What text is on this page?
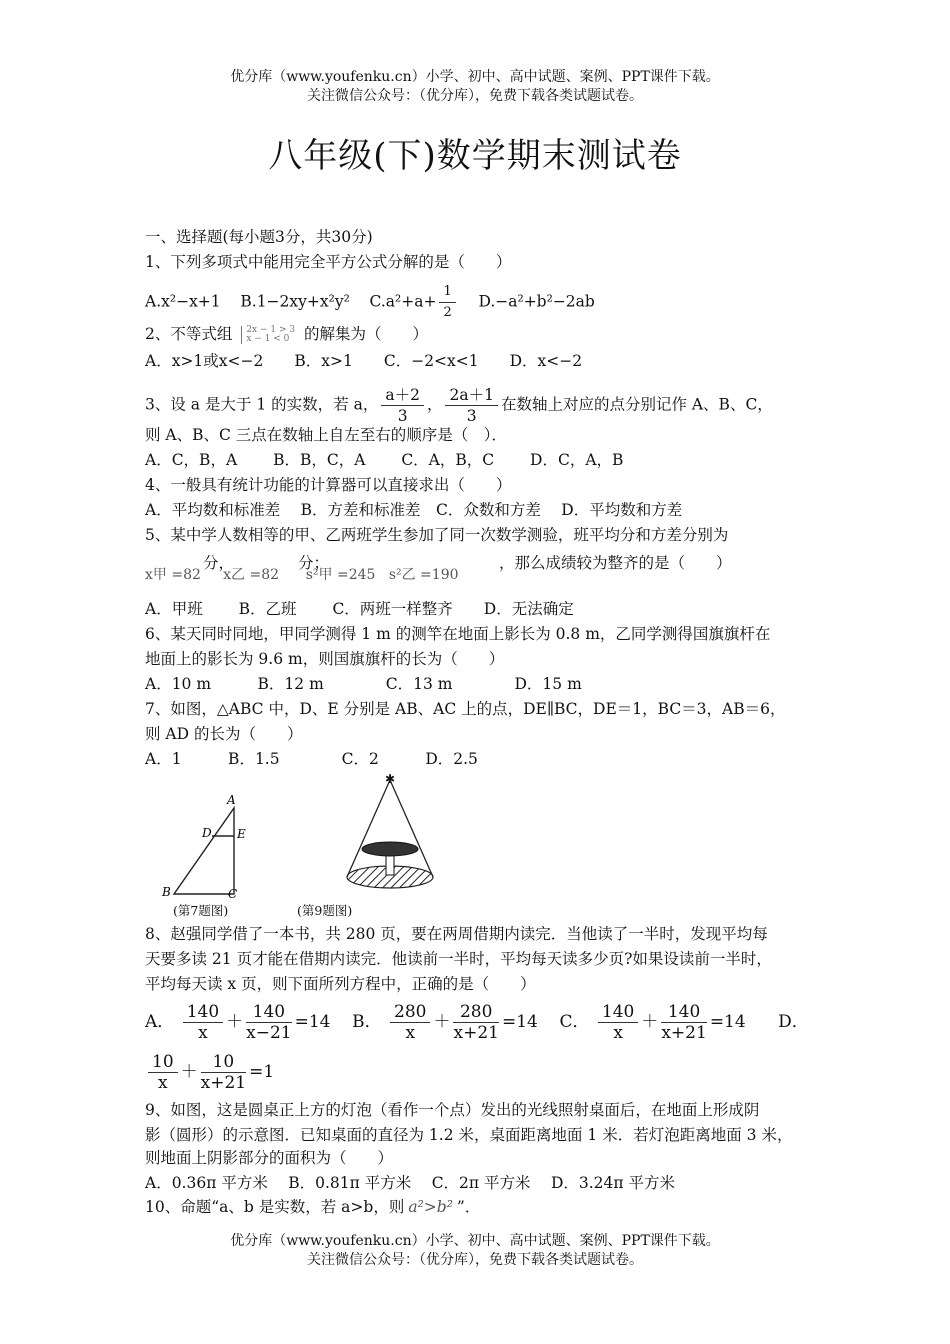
优分库（www.youfenku.cn）小学、初中、高中试题、案例、PPT课件下载。
关注微信公众号：（优分库），免费下载各类试题试卷。
八年级(下)数学期末测试卷
一、选择题(每小题3分，共30分)
1、下列多项式中能用完全平方公式分解的是（　　）
A.x²−x+1 B.1−2xy+x²y² $C.a^2+a+ \frac{1}{2} D.-a^2+b^2-2ab$
2、不等式组 2x − 1 > 3
x − 1 < 0 的解集为（　　）
A．x>1或x<−2　　B．x>1　　C．−2<x<1　　D．x<−2
3、设 a 是大于 1 的实数，若 a， $\frac{a+2}{3}$ ， $\frac{2a+1}{3}$ 在数轴上对应的点分别记作 A、B、C，
则 A、B、C 三点在数轴上自左至右的顺序是（　）．
A．C，B，A　　 B．B，C，A　　 C．A，B，C　　 D．C，A，B
4、一般具有统计功能的计算器可以直接求出（　　）
A．平均数和标准差　 B．方差和标准差　C．众数和方差　 D．平均数和方差
5、某中学人数相等的甲、乙两班学生参加了同一次数学测验，班平均分和方差分别为
分，	分；	，那么成绩较为整齐的是（　　）
x甲 =82 x乙 =82 s²甲 =245 s²乙 =190
A．甲班　　 B．乙班　　 C．两班一样整齐　　D．无法确定
6、某天同时同地，甲同学测得 1 m 的测竿在地面上影长为 0.8 m，乙同学测得国旗旗杆在
地面上的影长为 9.6 m，则国旗旗杆的长为（　　）
A．10 m　　　B．12 m　　　　C．13 m　　　　D．15 m
7、如图，△ABC 中，D、E 分别是 AB、AC 上的点，DE∥BC，DE＝1，BC＝3，AB＝6，
则 AD 的长为（　　）
A．1　　　B．1.5　　　　C．2　　　D．2.5
A
D E
B	C
(第7题图)
✱
(第9题图)
8、赵强同学借了一本书，共 280 页，要在两周借期内读完．当他读了一半时，发现平均每
天要多读 21 页才能在借期内读完．他读前一半时，平均每天读多少页?如果设读前一半时，
平均每天读 x 页，则下面所列方程中，正确的是（　　）
A． $\frac{140}{x} + \frac{140}{x-21} =14$ B． $\frac{280}{x} + \frac{280}{x+21} =14$ C． $\frac{140}{x} + \frac{140}{x+21} =14$ D．
$\frac{10}{x} + \frac{10}{x+21} =1$
9、如图，这是圆桌正上方的灯泡（看作一个点）发出的光线照射桌面后，在地面上形成阴
影（圆形）的示意图．已知桌面的直径为 1.2 米，桌面距离地面 1 米．若灯泡距离地面 3 米，
则地面上阴影部分的面积为（　　）
A．0.36π 平方米　 B．0.81π 平方米　 C．2π 平方米　 D．3.24π 平方米
10、命题“a、b 是实数，若 a>b，则 a²>b² ”．
优分库（www.youfenku.cn）小学、初中、高中试题、案例、PPT课件下载。
关注微信公众号：（优分库），免费下载各类试题试卷。
